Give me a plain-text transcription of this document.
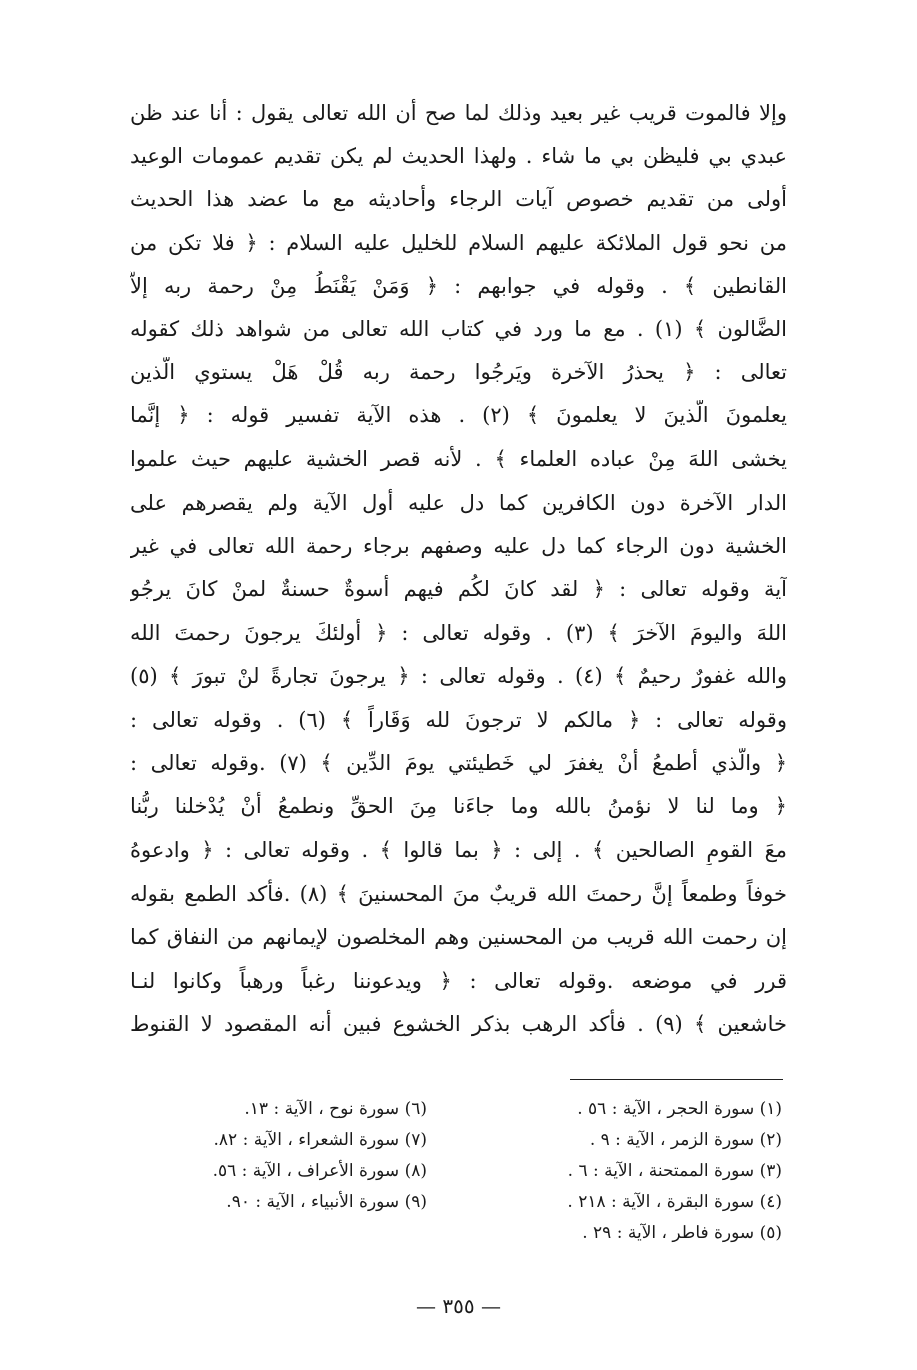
وإلا فالموت قريب غير بعيد وذلك لما صح أن الله تعالى يقول : أنا عند ظن
عبدي بي فليظن بي ما شاء . ولهذا الحديث لم يكن تقديم عمومات الوعيد
أولى من تقديم خصوص آيات الرجاء وأحاديثه مع ما عضد هذا الحديث
من نحو قول الملائكة عليهم السلام للخليل عليه السلام : ﴿ فلا تكن من
القانطين ﴾ . وقوله في جوابهم : ﴿ وَمَنْ يَقْنَطُ مِنْ رحمة ربه إلاَّ
الضَّالون ﴾ (١) . مع ما ورد في كتاب الله تعالى من شواهد ذلك كقوله
تعالى : ﴿ يحذرُ الآخرة ويَرجُوا رحمة ربه قُلْ هَلْ يستوي الَّذين
يعلمونَ الَّذينَ لا يعلمونَ ﴾ (٢) . هذه الآية تفسير قوله : ﴿ إنَّما
يخشى اللهَ مِنْ عباده العلماء ﴾ . لأنه قصر الخشية عليهم حيث علموا
الدار الآخرة دون الكافرين كما دل عليه أول الآية ولم يقصرهم على
الخشية دون الرجاء كما دل عليه وصفهم برجاء رحمة الله تعالى في غير
آية وقوله تعالى : ﴿ لقد كانَ لكُم فيهم أسوةٌ حسنةٌ لمنْ كانَ يرجُو
اللهَ واليومَ الآخرَ ﴾ (٣) . وقوله تعالى : ﴿ أولئكَ يرجونَ رحمتَ الله
والله غفورٌ رحيمٌ ﴾ (٤) . وقوله تعالى : ﴿ يرجونَ تجارةً لنْ تبورَ ﴾ (٥)
وقوله تعالى : ﴿ مالكم لا ترجونَ لله وَقَاراً ﴾ (٦) . وقوله تعالى :
﴿ والَّذي أطمعُ أنْ يغفرَ لي خَطيئتي يومَ الدِّين ﴾ (٧) .وقوله تعالى :
﴿ وما لنا لا نؤمنُ بالله وما جاءَنا مِنَ الحقِّ ونطمعُ أنْ يُدْخلنا ربُّنا
معَ القومِ الصالحين ﴾ . إلى : ﴿ بما قالوا ﴾ . وقوله تعالى : ﴿ وادعوهُ
خوفاً وطمعاً إنَّ رحمتَ الله قريبٌ منَ المحسنينَ ﴾ (٨) .فأكد الطمع بقوله
إن رحمت الله قريب من المحسنين وهم المخلصون لإيمانهم من النفاق كما
قرر في موضعه .وقوله تعالى : ﴿ ويدعوننا رغباً ورهباً وكانوا لنـا
خاشعين ﴾ (٩) . فأكد الرهب بذكر الخشوع فبين أنه المقصود لا القنوط
(١) سورة الحجر ، الآية : ٥٦ .
(٢) سورة الزمر ، الآية : ٩ .
(٣) سورة الممتحنة ، الآية : ٦ .
(٤) سورة البقرة ، الآية : ٢١٨ .
(٥) سورة فاطر ، الآية : ٢٩ .
(٦) سورة نوح ، الآية : ١٣.
(٧) سورة الشعراء ، الآية : ٨٢.
(٨) سورة الأعراف ، الآية : ٥٦.
(٩) سورة الأنبياء ، الآية : ٩٠.
— ٣٥٥ —
